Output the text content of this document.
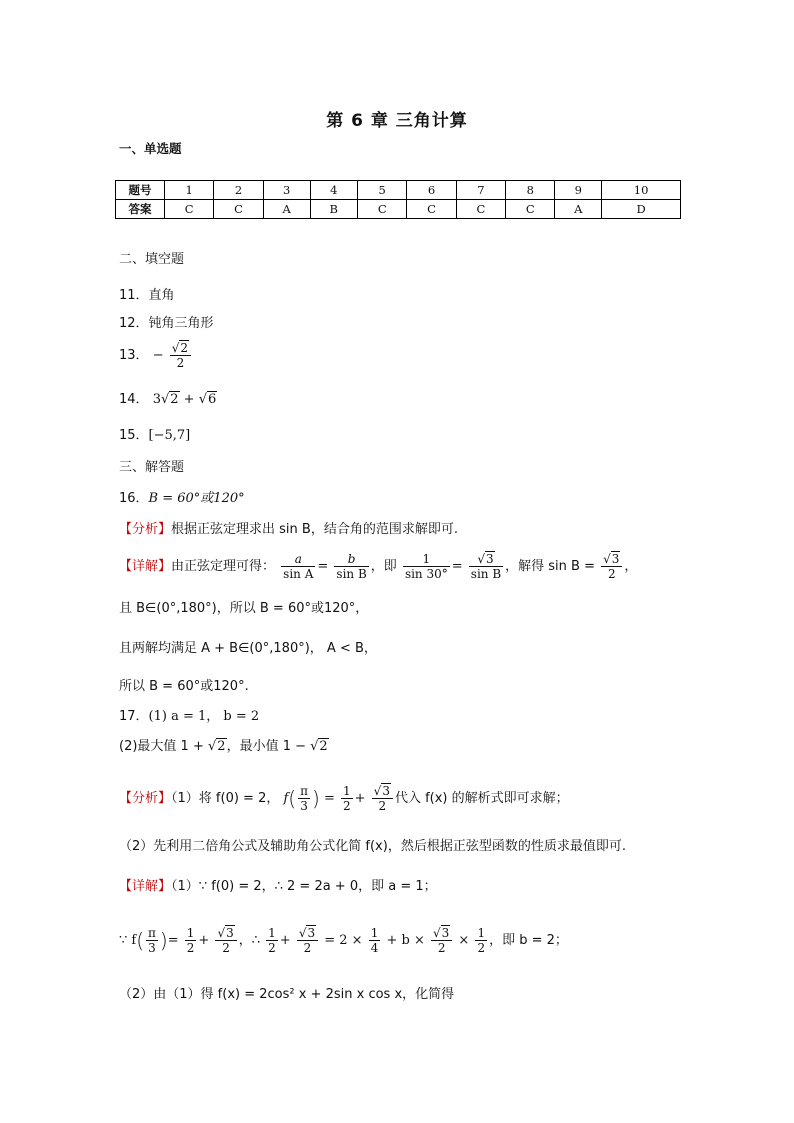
第 6 章 三角计算
一、单选题
题号	1	2	3	4	5	6	7	8	9	10
答案	C	C	A	B	C	C	C	C	A	D
二、填空题
11．直角
12．钝角三角形
13． − $\frac{√2}{2}$
14． 3√2 + √6
15．[−5,7]
三、解答题
16．B = 60°或120°
【分析】根据正弦定理求出 sin B，结合角的范围求解即可.
【详解】由正弦定理可得： $\frac{a}{\text{sin A}} = \frac{b}{\text{sin B}}$ ，即 $\frac{1}{\sin 30^\circ} = \frac{√3}{\text{sin B}}$ ，解得 $\sin B = \frac{√3}{2}$ ，
且 B∈(0°,180°)，所以 B = 60°或120°，
且两解均满足 A + B∈(0°,180°)， A < B，
所以 B = 60°或120°.
17．(1) a = 1， b = 2
(2)最大值 1 + √2，最小值 1 − √2
【分析】（1）将 f(0) = 2， $f( \frac{\pi}{3}$ ) = $\frac{1}{2} + \frac{√3}{2}$ 代入 f(x) 的解析式即可求解；
（2）先利用二倍角公式及辅助角公式化简 f(x)，然后根据正弦型函数的性质求最值即可.
【详解】（1）∵ f(0) = 2，∴ 2 = 2a + 0，即 a = 1；
∵ $f( \frac{\pi}{3}$ )= $\frac{1}{2} + \frac{√3}{2}$ ，∴ $\frac{1}{2} + \frac{√3}{2} = 2 \times \frac{1}{4} + b \times \frac{√3}{2} \times \frac{1}{2}$ ，即 b = 2；
（2）由（1）得 f(x) = 2cos² x + 2sin x cos x，化简得
